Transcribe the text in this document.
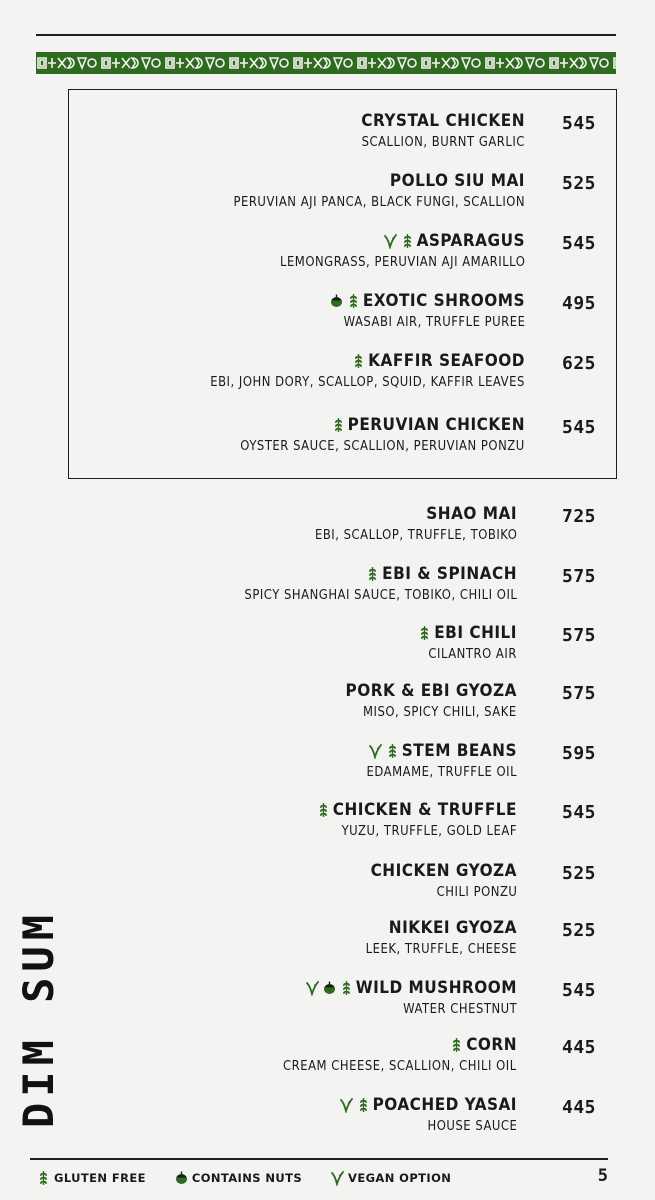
CRYSTAL CHICKEN
SCALLION, BURNT GARLIC
545
POLLO SIU MAI
PERUVIAN AJI PANCA, BLACK FUNGI, SCALLION
525
ASPARAGUS
LEMONGRASS, PERUVIAN AJI AMARILLO
545
EXOTIC SHROOMS
WASABI AIR, TRUFFLE PUREE
495
KAFFIR SEAFOOD
EBI, JOHN DORY, SCALLOP, SQUID, KAFFIR LEAVES
625
PERUVIAN CHICKEN
OYSTER SAUCE, SCALLION, PERUVIAN PONZU
545
SHAO MAI
EBI, SCALLOP, TRUFFLE, TOBIKO
725
EBI & SPINACH
SPICY SHANGHAI SAUCE, TOBIKO, CHILI OIL
575
EBI CHILI
CILANTRO AIR
575
PORK & EBI GYOZA
MISO, SPICY CHILI, SAKE
575
STEM BEANS
EDAMAME, TRUFFLE OIL
595
CHICKEN & TRUFFLE
YUZU, TRUFFLE, GOLD LEAF
545
CHICKEN GYOZA
CHILI PONZU
525
NIKKEI GYOZA
LEEK, TRUFFLE, CHEESE
525
WILD MUSHROOM
WATER CHESTNUT
545
CORN
CREAM CHEESE, SCALLION, CHILI OIL
445
POACHED YASAI
HOUSE SAUCE
445
DIM SUM
GLUTEN FREE	CONTAINS NUTS	VEGAN OPTION	5
